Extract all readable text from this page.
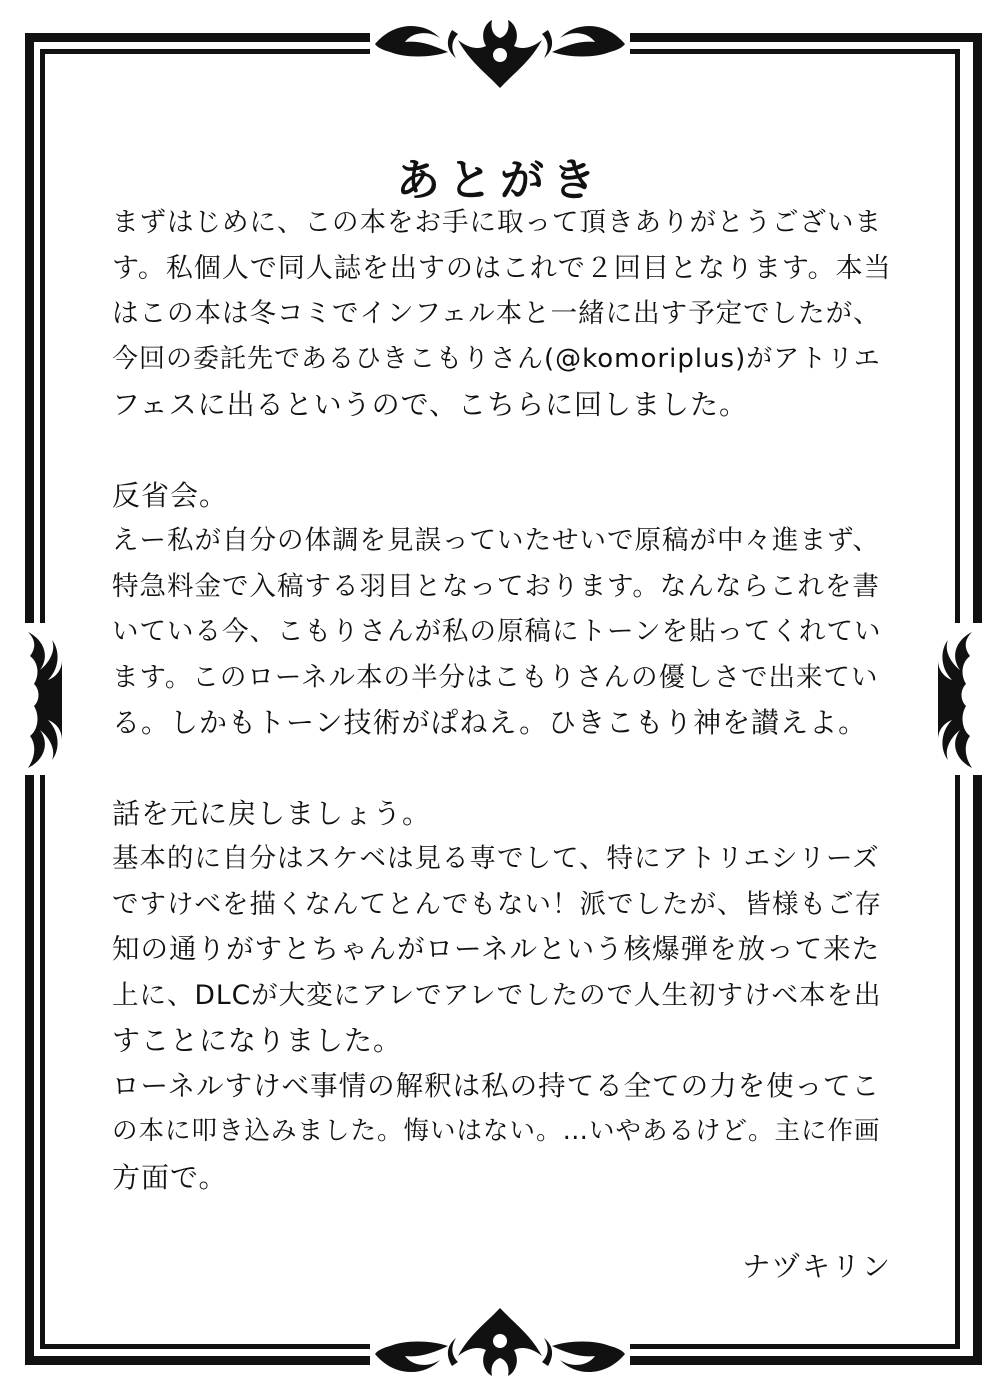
あとがき

まずはじめに、この本をお手に取って頂きありがとうございま

す。私個人で同人誌を出すのはこれで２回目となります。本当

はこの本は冬コミでインフェル本と一緒に出す予定でしたが、

今回の委託先であるひきこもりさん(@komoriplus)がアトリエ

フェスに出るというので、こちらに回しました。

反省会。

えー私が自分の体調を見誤っていたせいで原稿が中々進まず、

特急料金で入稿する羽目となっております。なんならこれを書

いている今、こもりさんが私の原稿にトーンを貼ってくれてい

ます。このローネル本の半分はこもりさんの優しさで出来てい

る。しかもトーン技術がぱねえ。ひきこもり神を讃えよ。

話を元に戻しましょう。

基本的に自分はスケベは見る専でして、特にアトリエシリーズ

ですけべを描くなんてとんでもない！派でしたが、皆様もご存

知の通りがすとちゃんがローネルという核爆弾を放って来た

上に、DLCが大変にアレでアレでしたので人生初すけべ本を出

すことになりました。

ローネルすけべ事情の解釈は私の持てる全ての力を使ってこ

の本に叩き込みました。悔いはない。…いやあるけど。主に作画

方面で。

ナヅキリン
